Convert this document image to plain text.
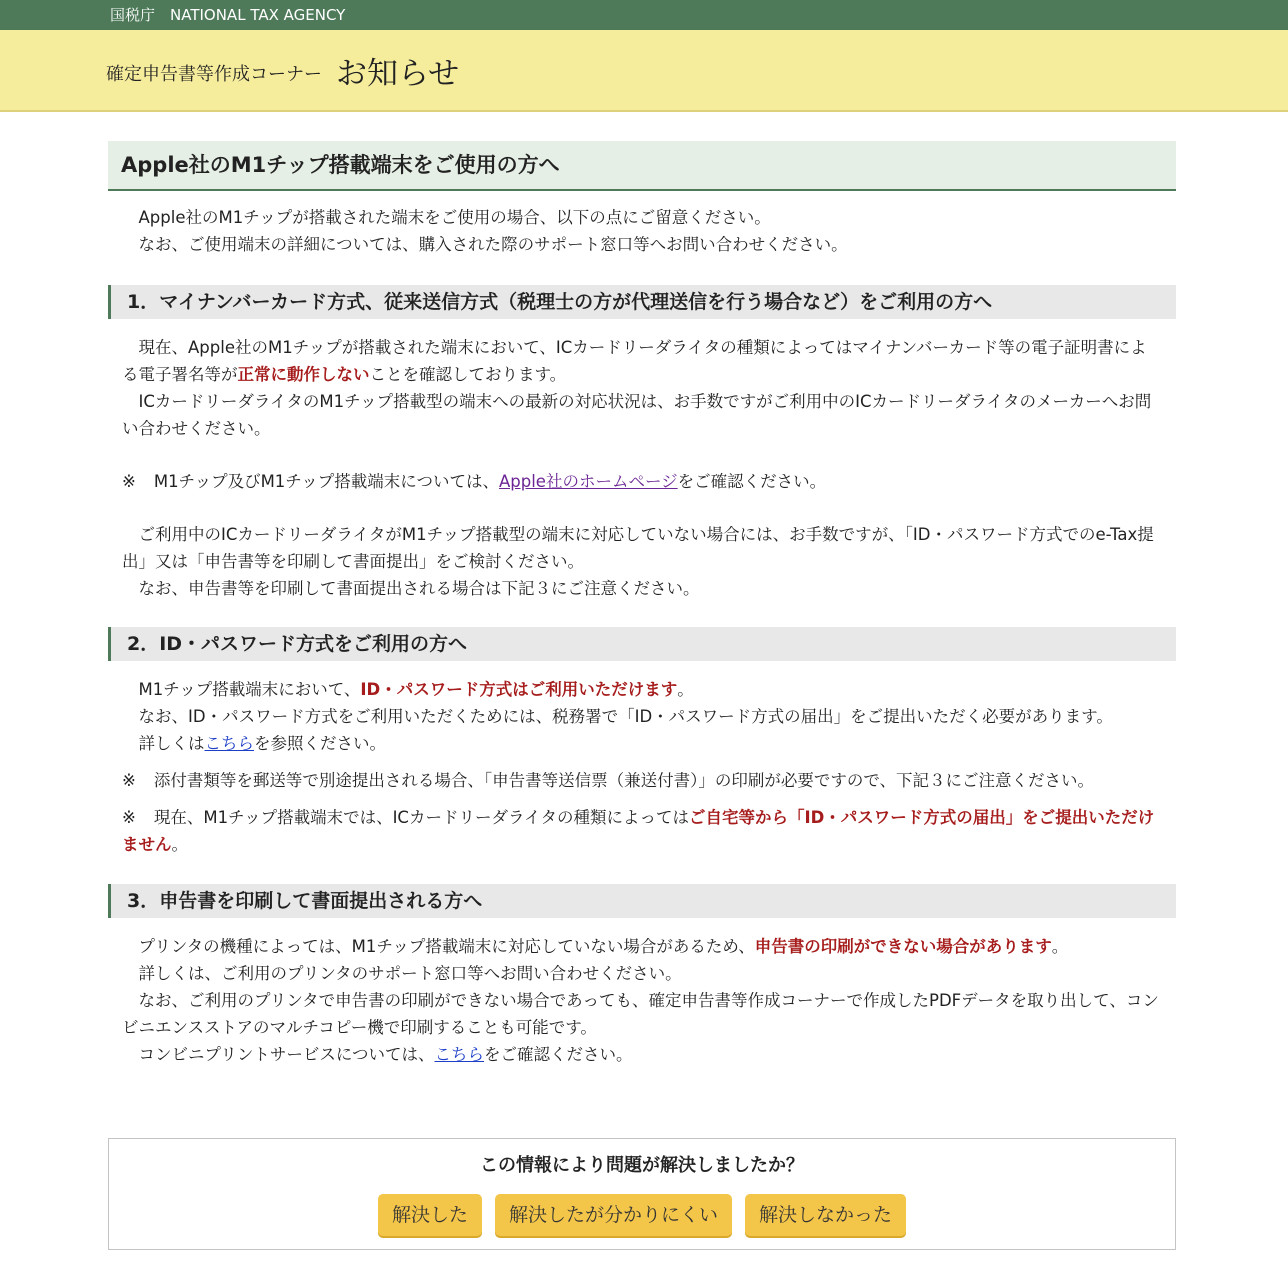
国税庁　NATIONAL TAX AGENCY
確定申告書等作成コーナー お知らせ
Apple社のM1チップ搭載端末をご使用の方へ
Apple社のM1チップが搭載された端末をご使用の場合、以下の点にご留意ください。
なお、ご使用端末の詳細については、購入された際のサポート窓口等へお問い合わせください。
1．マイナンバーカード方式、従来送信方式（税理士の方が代理送信を行う場合など）をご利用の方へ
現在、Apple社のM1チップが搭載された端末において、ICカードリーダライタの種類によってはマイナンバーカード等の電子証明書による電子署名等が正常に動作しないことを確認しております。
ICカードリーダライタのM1チップ搭載型の端末への最新の対応状況は、お手数ですがご利用中のICカードリーダライタのメーカーへお問い合わせください。
※ M1チップ及びM1チップ搭載端末については、Apple社のホームページをご確認ください。
ご利用中のICカードリーダライタがM1チップ搭載型の端末に対応していない場合には、お手数ですが、「ID・パスワード方式でのe-Tax提出」又は「申告書等を印刷して書面提出」をご検討ください。
なお、申告書等を印刷して書面提出される場合は下記３にご注意ください。
2．ID・パスワード方式をご利用の方へ
M1チップ搭載端末において、ID・パスワード方式はご利用いただけます。
なお、ID・パスワード方式をご利用いただくためには、税務署で「ID・パスワード方式の届出」をご提出いただく必要があります。
詳しくはこちらを参照ください。
※ 添付書類等を郵送等で別途提出される場合、「申告書等送信票（兼送付書）」の印刷が必要ですので、下記３にご注意ください。
※ 現在、M1チップ搭載端末では、ICカードリーダライタの種類によってはご自宅等から「ID・パスワード方式の届出」をご提出いただけません。
3．申告書を印刷して書面提出される方へ
プリンタの機種によっては、M1チップ搭載端末に対応していない場合があるため、申告書の印刷ができない場合があります。
詳しくは、ご利用のプリンタのサポート窓口等へお問い合わせください。
なお、ご利用のプリンタで申告書の印刷ができない場合であっても、確定申告書等作成コーナーで作成したPDFデータを取り出して、コンビニエンスストアのマルチコピー機で印刷することも可能です。
コンビニプリントサービスについては、こちらをご確認ください。
この情報により問題が解決しましたか？
解決した	解決したが分かりにくい	解決しなかった
